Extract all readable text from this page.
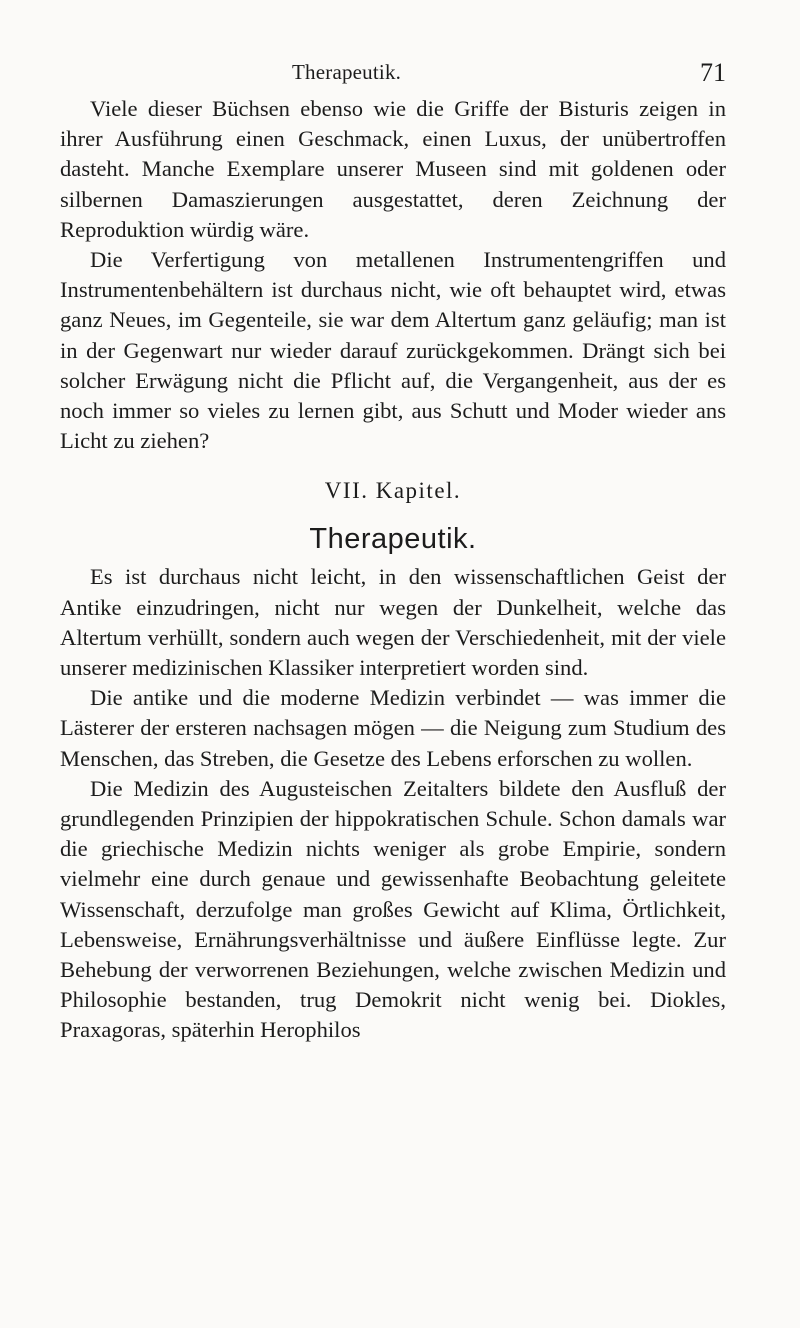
Therapeutik.	71

Viele dieser Büchsen ebenso wie die Griffe der Bisturis zeigen in ihrer Ausführung einen Geschmack, einen Luxus, der unübertroffen dasteht. Manche Exemplare unserer Museen sind mit goldenen oder silbernen Damaszierungen ausgestattet, deren Zeichnung der Reproduktion würdig wäre.

Die Verfertigung von metallenen Instrumentengriffen und Instrumentenbehältern ist durchaus nicht, wie oft behauptet wird, etwas ganz Neues, im Gegenteile, sie war dem Altertum ganz geläufig; man ist in der Gegenwart nur wieder darauf zurückgekommen. Drängt sich bei solcher Erwägung nicht die Pflicht auf, die Vergangenheit, aus der es noch immer so vieles zu lernen gibt, aus Schutt und Moder wieder ans Licht zu ziehen?

VII. Kapitel.
Therapeutik.

Es ist durchaus nicht leicht, in den wissenschaftlichen Geist der Antike einzudringen, nicht nur wegen der Dunkelheit, welche das Altertum verhüllt, sondern auch wegen der Verschiedenheit, mit der viele unserer medizinischen Klassiker interpretiert worden sind.

Die antike und die moderne Medizin verbindet — was immer die Lästerer der ersteren nachsagen mögen — die Neigung zum Studium des Menschen, das Streben, die Gesetze des Lebens erforschen zu wollen.

Die Medizin des Augusteischen Zeitalters bildete den Ausfluß der grundlegenden Prinzipien der hippokratischen Schule. Schon damals war die griechische Medizin nichts weniger als grobe Empirie, sondern vielmehr eine durch genaue und gewissenhafte Beobachtung geleitete Wissenschaft, derzufolge man großes Gewicht auf Klima, Örtlichkeit, Lebensweise, Ernährungsverhältnisse und äußere Einflüsse legte. Zur Behebung der verworrenen Beziehungen, welche zwischen Medizin und Philosophie bestanden, trug Demokrit nicht wenig bei. Diokles, Praxagoras, späterhin Herophilos
